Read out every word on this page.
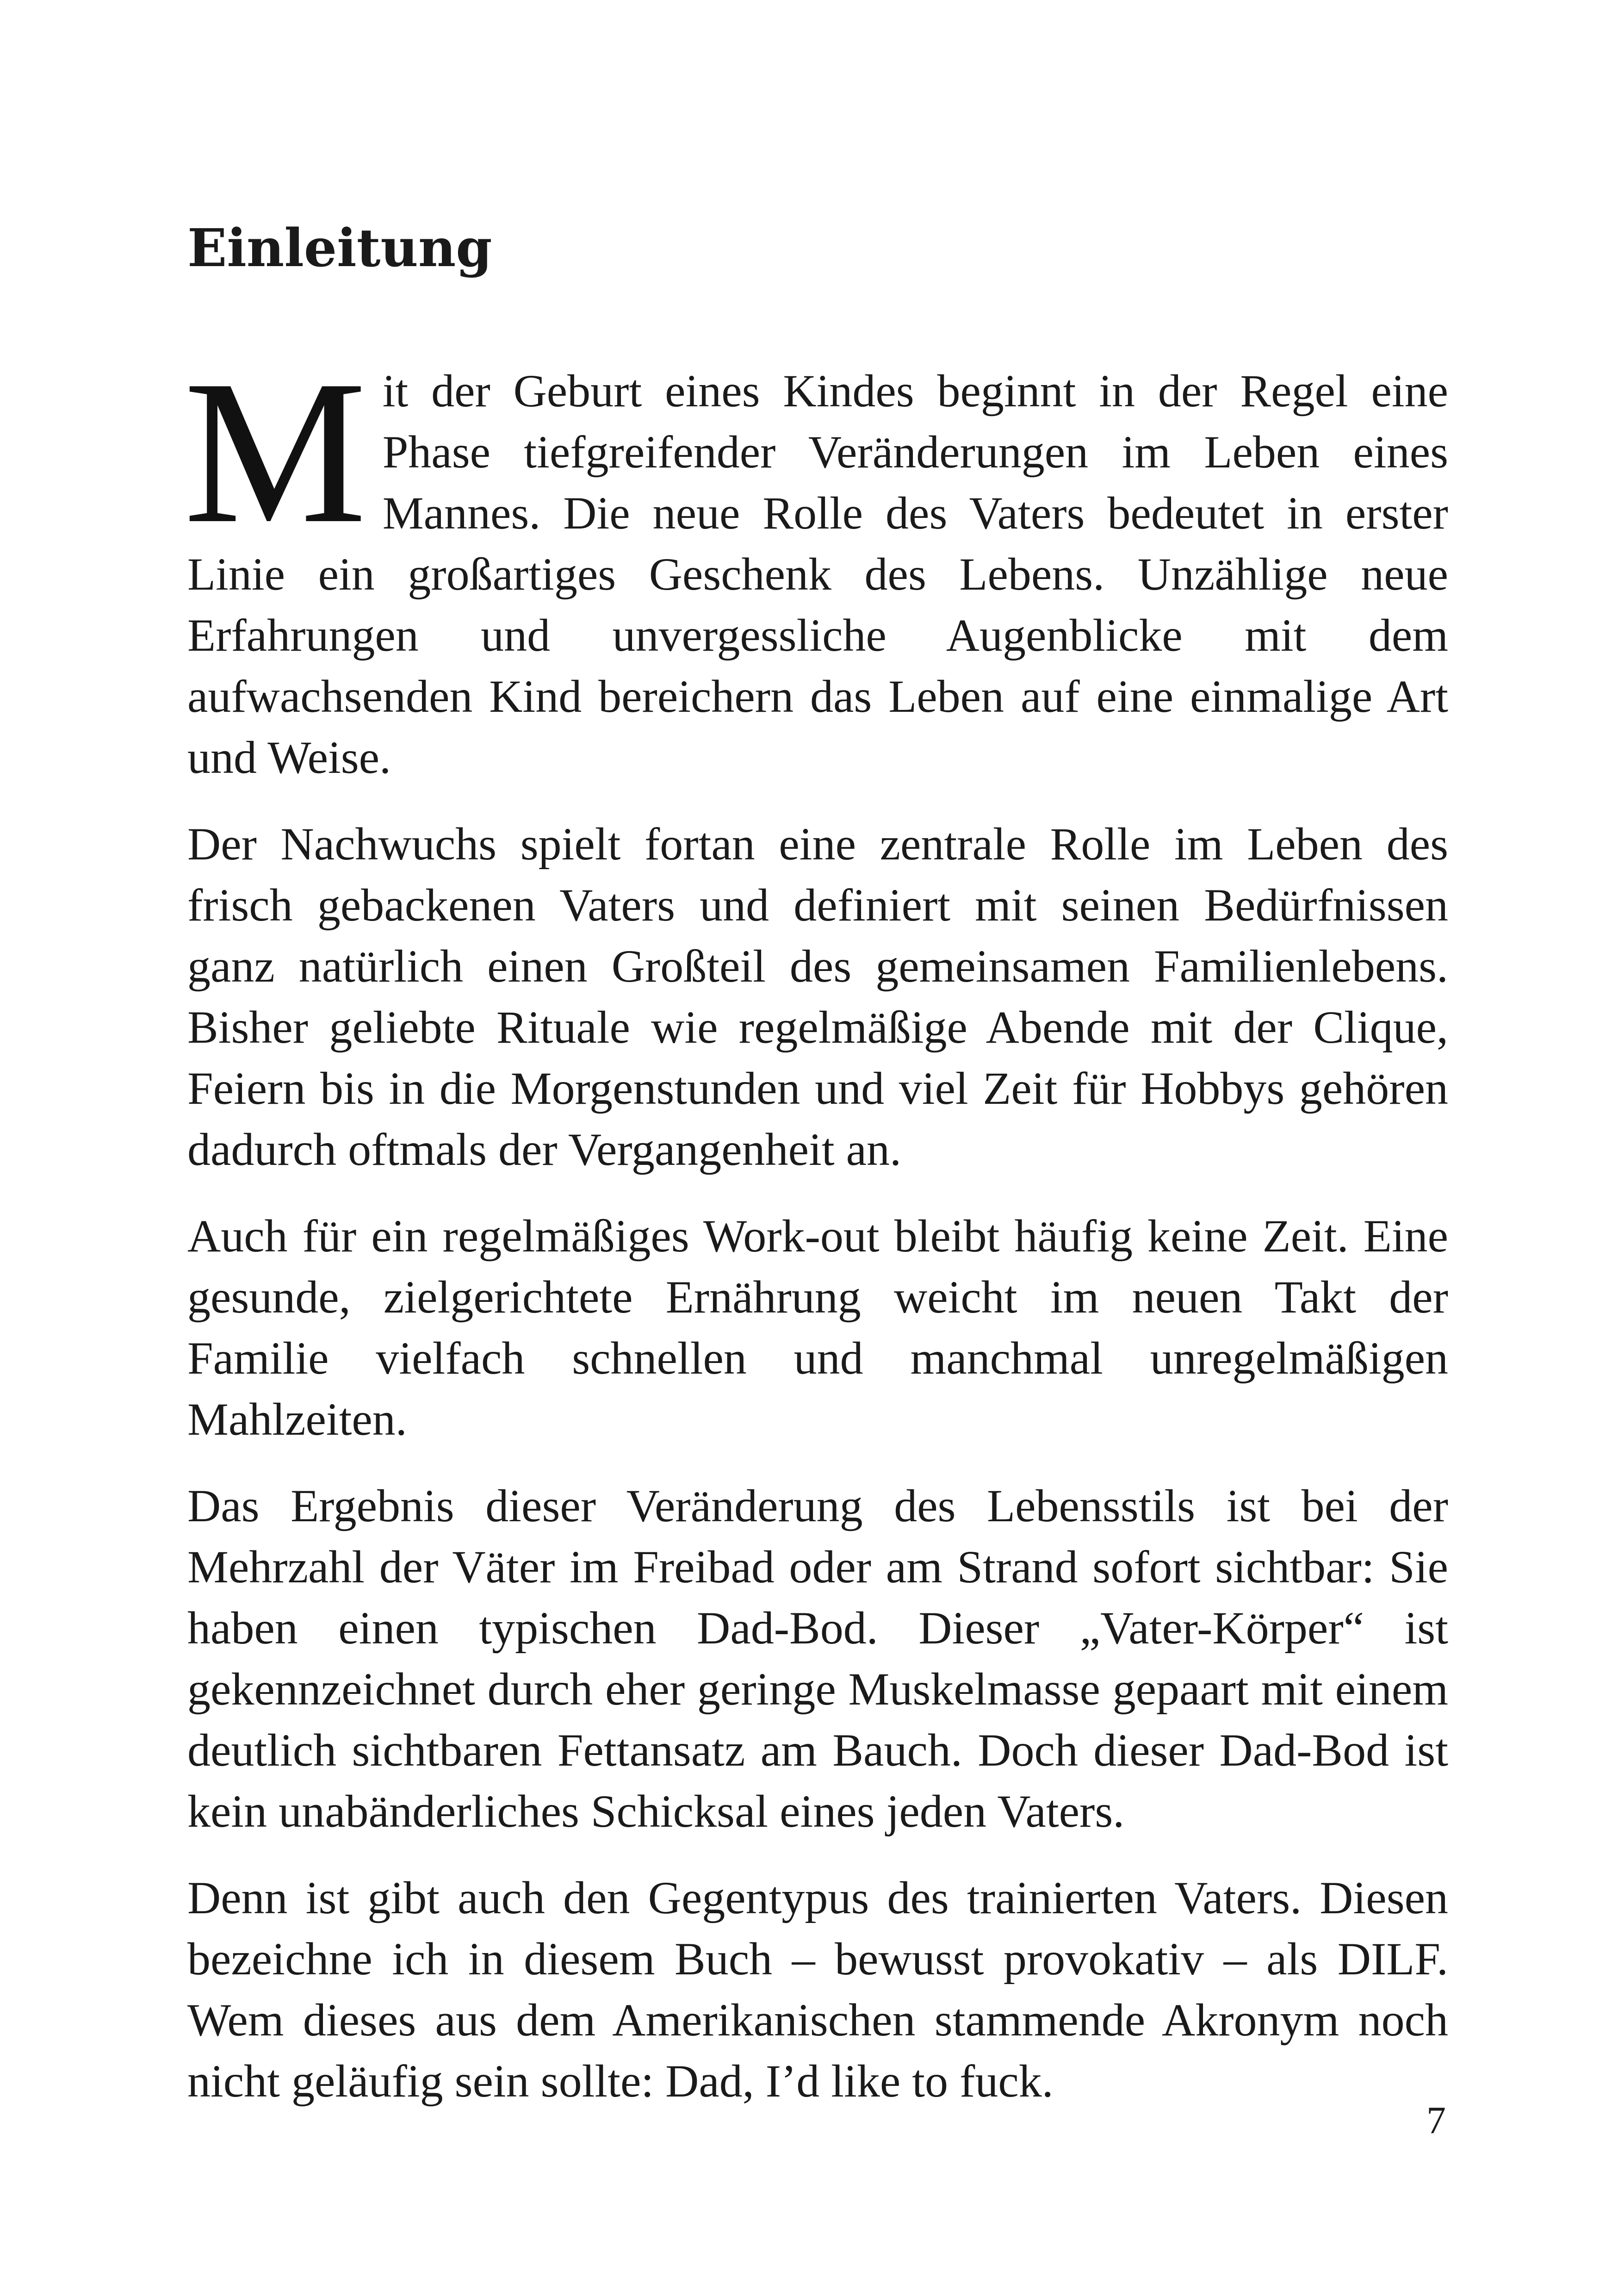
Einleitung

Mit der Geburt eines Kindes beginnt in der Regel eine Phase tiefgreifender Veränderungen im Leben eines Mannes. Die neue Rolle des Vaters bedeutet in erster Linie ein großartiges Geschenk des Lebens. Unzählige neue Erfahrungen und unvergessliche Augenblicke mit dem aufwachsenden Kind bereichern das Leben auf eine einmalige Art und Weise.

Der Nachwuchs spielt fortan eine zentrale Rolle im Leben des frisch gebackenen Vaters und definiert mit seinen Bedürfnissen ganz natürlich einen Großteil des gemeinsamen Familienlebens. Bisher geliebte Rituale wie regelmäßige Abende mit der Clique, Feiern bis in die Morgenstunden und viel Zeit für Hobbys gehören dadurch oftmals der Vergangenheit an.

Auch für ein regelmäßiges Work-out bleibt häufig keine Zeit. Eine gesunde, zielgerichtete Ernährung weicht im neuen Takt der Familie vielfach schnellen und manchmal unregelmäßigen Mahlzeiten.

Das Ergebnis dieser Veränderung des Lebensstils ist bei der Mehrzahl der Väter im Freibad oder am Strand sofort sichtbar: Sie haben einen typischen Dad-Bod. Dieser „Vater-Körper“ ist gekennzeichnet durch eher geringe Muskelmasse gepaart mit einem deutlich sichtbaren Fettansatz am Bauch. Doch dieser Dad-Bod ist kein unabänderliches Schicksal eines jeden Vaters.

Denn ist gibt auch den Gegentypus des trainierten Vaters. Diesen bezeichne ich in diesem Buch – bewusst provokativ – als DILF. Wem dieses aus dem Amerikanischen stammende Akronym noch nicht geläufig sein sollte: Dad, I’d like to fuck.

7
